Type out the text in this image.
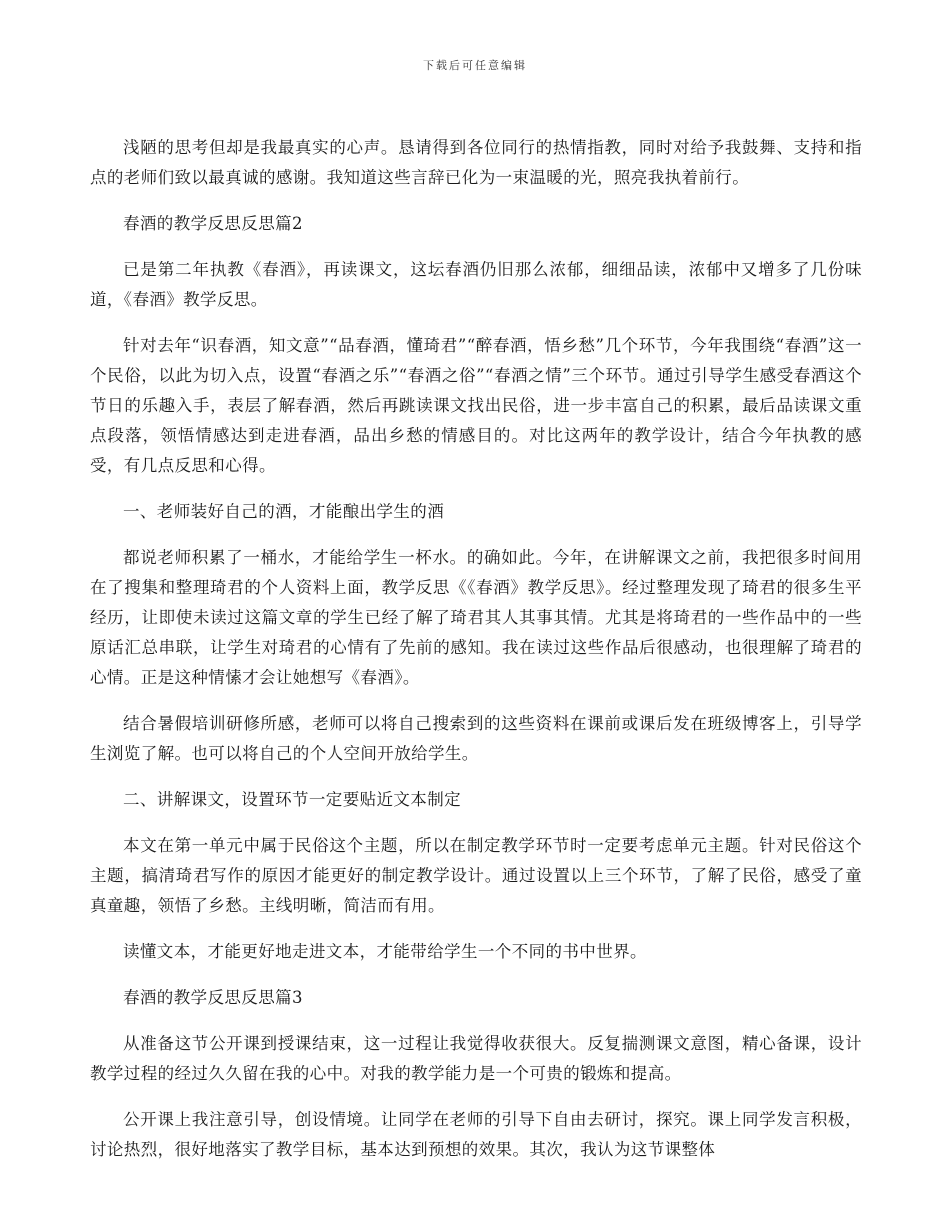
下载后可任意编辑

浅陋的思考但却是我最真实的心声。恳请得到各位同行的热情指教，同时对给予我鼓舞、支持和指点的老师们致以最真诚的感谢。我知道这些言辞已化为一束温暖的光，照亮我执着前行。

春酒的教学反思反思篇2

已是第二年执教《春酒》，再读课文，这坛春酒仍旧那么浓郁，细细品读，浓郁中又增多了几份味道，《春酒》教学反思。

针对去年“识春酒，知文意”“品春酒，懂琦君”“醉春酒，悟乡愁”几个环节，今年我围绕“春酒”这一个民俗，以此为切入点，设置“春酒之乐”“春酒之俗”“春酒之情”三个环节。通过引导学生感受春酒这个节日的乐趣入手，表层了解春酒，然后再跳读课文找出民俗，进一步丰富自己的积累，最后品读课文重点段落，领悟情感达到走进春酒，品出乡愁的情感目的。对比这两年的教学设计，结合今年执教的感受，有几点反思和心得。

一、老师装好自己的酒，才能酿出学生的酒

都说老师积累了一桶水，才能给学生一杯水。的确如此。今年，在讲解课文之前，我把很多时间用在了搜集和整理琦君的个人资料上面，教学反思《《春酒》教学反思》。经过整理发现了琦君的很多生平经历，让即使未读过这篇文章的学生已经了解了琦君其人其事其情。尤其是将琦君的一些作品中的一些原话汇总串联，让学生对琦君的心情有了先前的感知。我在读过这些作品后很感动，也很理解了琦君的心情。正是这种情愫才会让她想写《春酒》。

结合暑假培训研修所感，老师可以将自己搜索到的这些资料在课前或课后发在班级博客上，引导学生浏览了解。也可以将自己的个人空间开放给学生。

二、讲解课文，设置环节一定要贴近文本制定

本文在第一单元中属于民俗这个主题，所以在制定教学环节时一定要考虑单元主题。针对民俗这个主题，搞清琦君写作的原因才能更好的制定教学设计。通过设置以上三个环节，了解了民俗，感受了童真童趣，领悟了乡愁。主线明晰，简洁而有用。

读懂文本，才能更好地走进文本，才能带给学生一个不同的书中世界。

春酒的教学反思反思篇3

从准备这节公开课到授课结束，这一过程让我觉得收获很大。反复揣测课文意图，精心备课，设计教学过程的经过久久留在我的心中。对我的教学能力是一个可贵的锻炼和提高。

公开课上我注意引导，创设情境。让同学在老师的引导下自由去研讨，探究。课上同学发言积极，讨论热烈，很好地落实了教学目标，基本达到预想的效果。其次，我认为这节课整体
